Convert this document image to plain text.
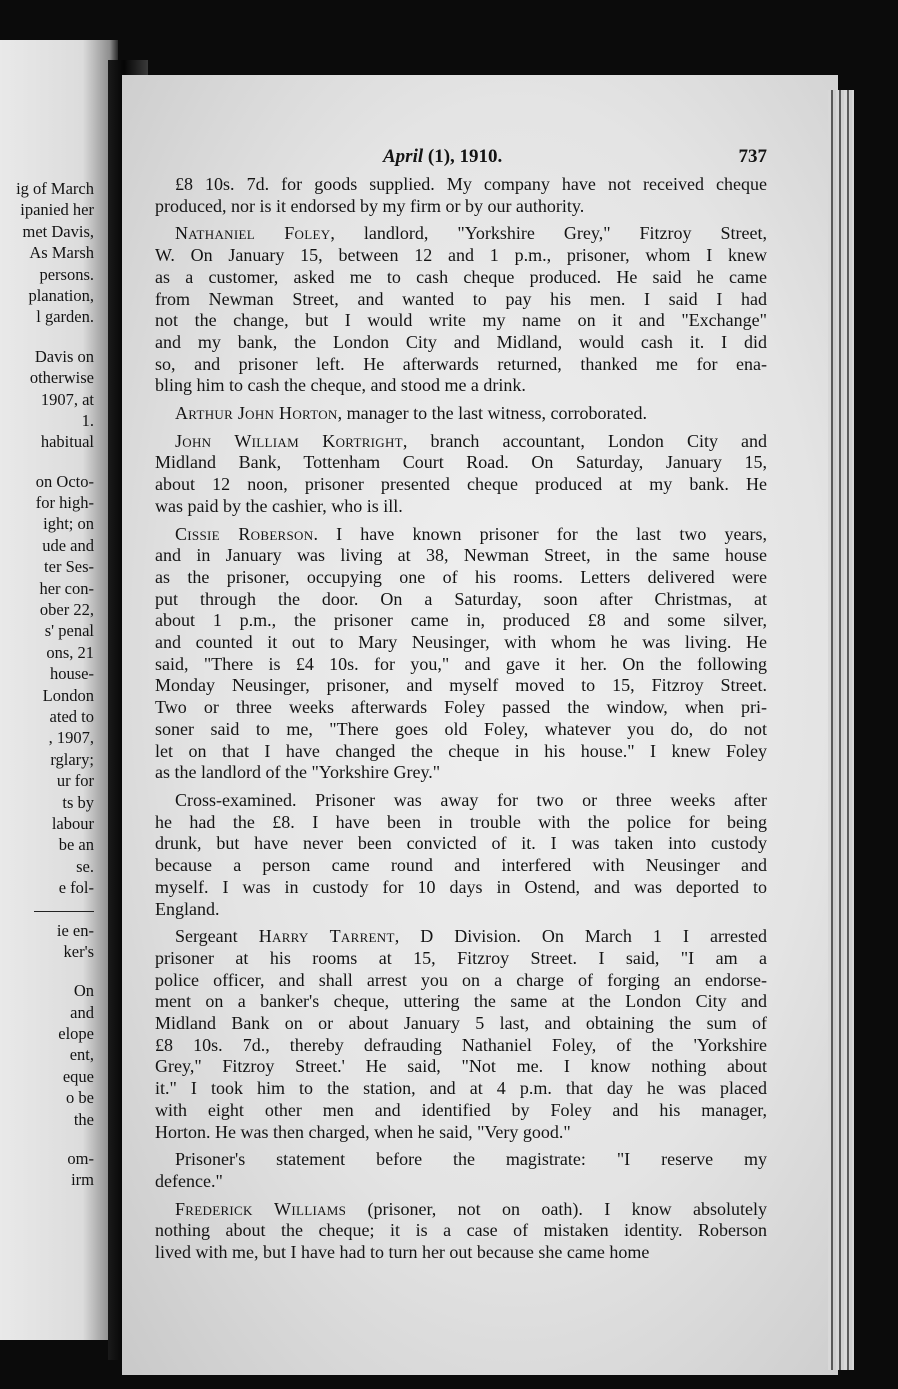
ig of March
ipanied her
met Davis,
As Marsh
persons.
planation,
l garden.
Davis on
otherwise
1907, at
1.
habitual
on Octo-
for high-
ight; on
ude and
ter Ses-
her con-
ober 22,
s' penal
ons, 21
house-
London
ated to
, 1907,
rglary;
ur for
ts by
labour
be an
se.
e fol-
ie en-
ker's
On
and
elope
ent,
eque
o be
the
om-
irm
April (1), 1910.	737
£8 10s. 7d. for goods supplied. My company have not received cheque
produced, nor is it endorsed by my firm or by our authority.
Nathaniel Foley, landlord, "Yorkshire Grey," Fitzroy Street,
W. On January 15, between 12 and 1 p.m., prisoner, whom I knew
as a customer, asked me to cash cheque produced. He said he came
from Newman Street, and wanted to pay his men. I said I had
not the change, but I would write my name on it and "Exchange"
and my bank, the London City and Midland, would cash it. I did
so, and prisoner left. He afterwards returned, thanked me for ena-
bling him to cash the cheque, and stood me a drink.
Arthur John Horton, manager to the last witness, corroborated.
John William Kortright, branch accountant, London City and
Midland Bank, Tottenham Court Road. On Saturday, January 15,
about 12 noon, prisoner presented cheque produced at my bank. He
was paid by the cashier, who is ill.
Cissie Roberson. I have known prisoner for the last two years,
and in January was living at 38, Newman Street, in the same house
as the prisoner, occupying one of his rooms. Letters delivered were
put through the door. On a Saturday, soon after Christmas, at
about 1 p.m., the prisoner came in, produced £8 and some silver,
and counted it out to Mary Neusinger, with whom he was living. He
said, "There is £4 10s. for you," and gave it her. On the following
Monday Neusinger, prisoner, and myself moved to 15, Fitzroy Street.
Two or three weeks afterwards Foley passed the window, when pri-
soner said to me, "There goes old Foley, whatever you do, do not
let on that I have changed the cheque in his house." I knew Foley
as the landlord of the "Yorkshire Grey."
Cross-examined. Prisoner was away for two or three weeks after
he had the £8. I have been in trouble with the police for being
drunk, but have never been convicted of it. I was taken into custody
because a person came round and interfered with Neusinger and
myself. I was in custody for 10 days in Ostend, and was deported to
England.
Sergeant Harry Tarrent, D Division. On March 1 I arrested
prisoner at his rooms at 15, Fitzroy Street. I said, "I am a
police officer, and shall arrest you on a charge of forging an endorse-
ment on a banker's cheque, uttering the same at the London City and
Midland Bank on or about January 5 last, and obtaining the sum of
£8 10s. 7d., thereby defrauding Nathaniel Foley, of the 'Yorkshire
Grey," Fitzroy Street.' He said, "Not me. I know nothing about
it." I took him to the station, and at 4 p.m. that day he was placed
with eight other men and identified by Foley and his manager,
Horton. He was then charged, when he said, "Very good."
Prisoner's statement before the magistrate: "I reserve my
defence."
Frederick Williams (prisoner, not on oath). I know absolutely
nothing about the cheque; it is a case of mistaken identity. Roberson
lived with me, but I have had to turn her out because she came home
